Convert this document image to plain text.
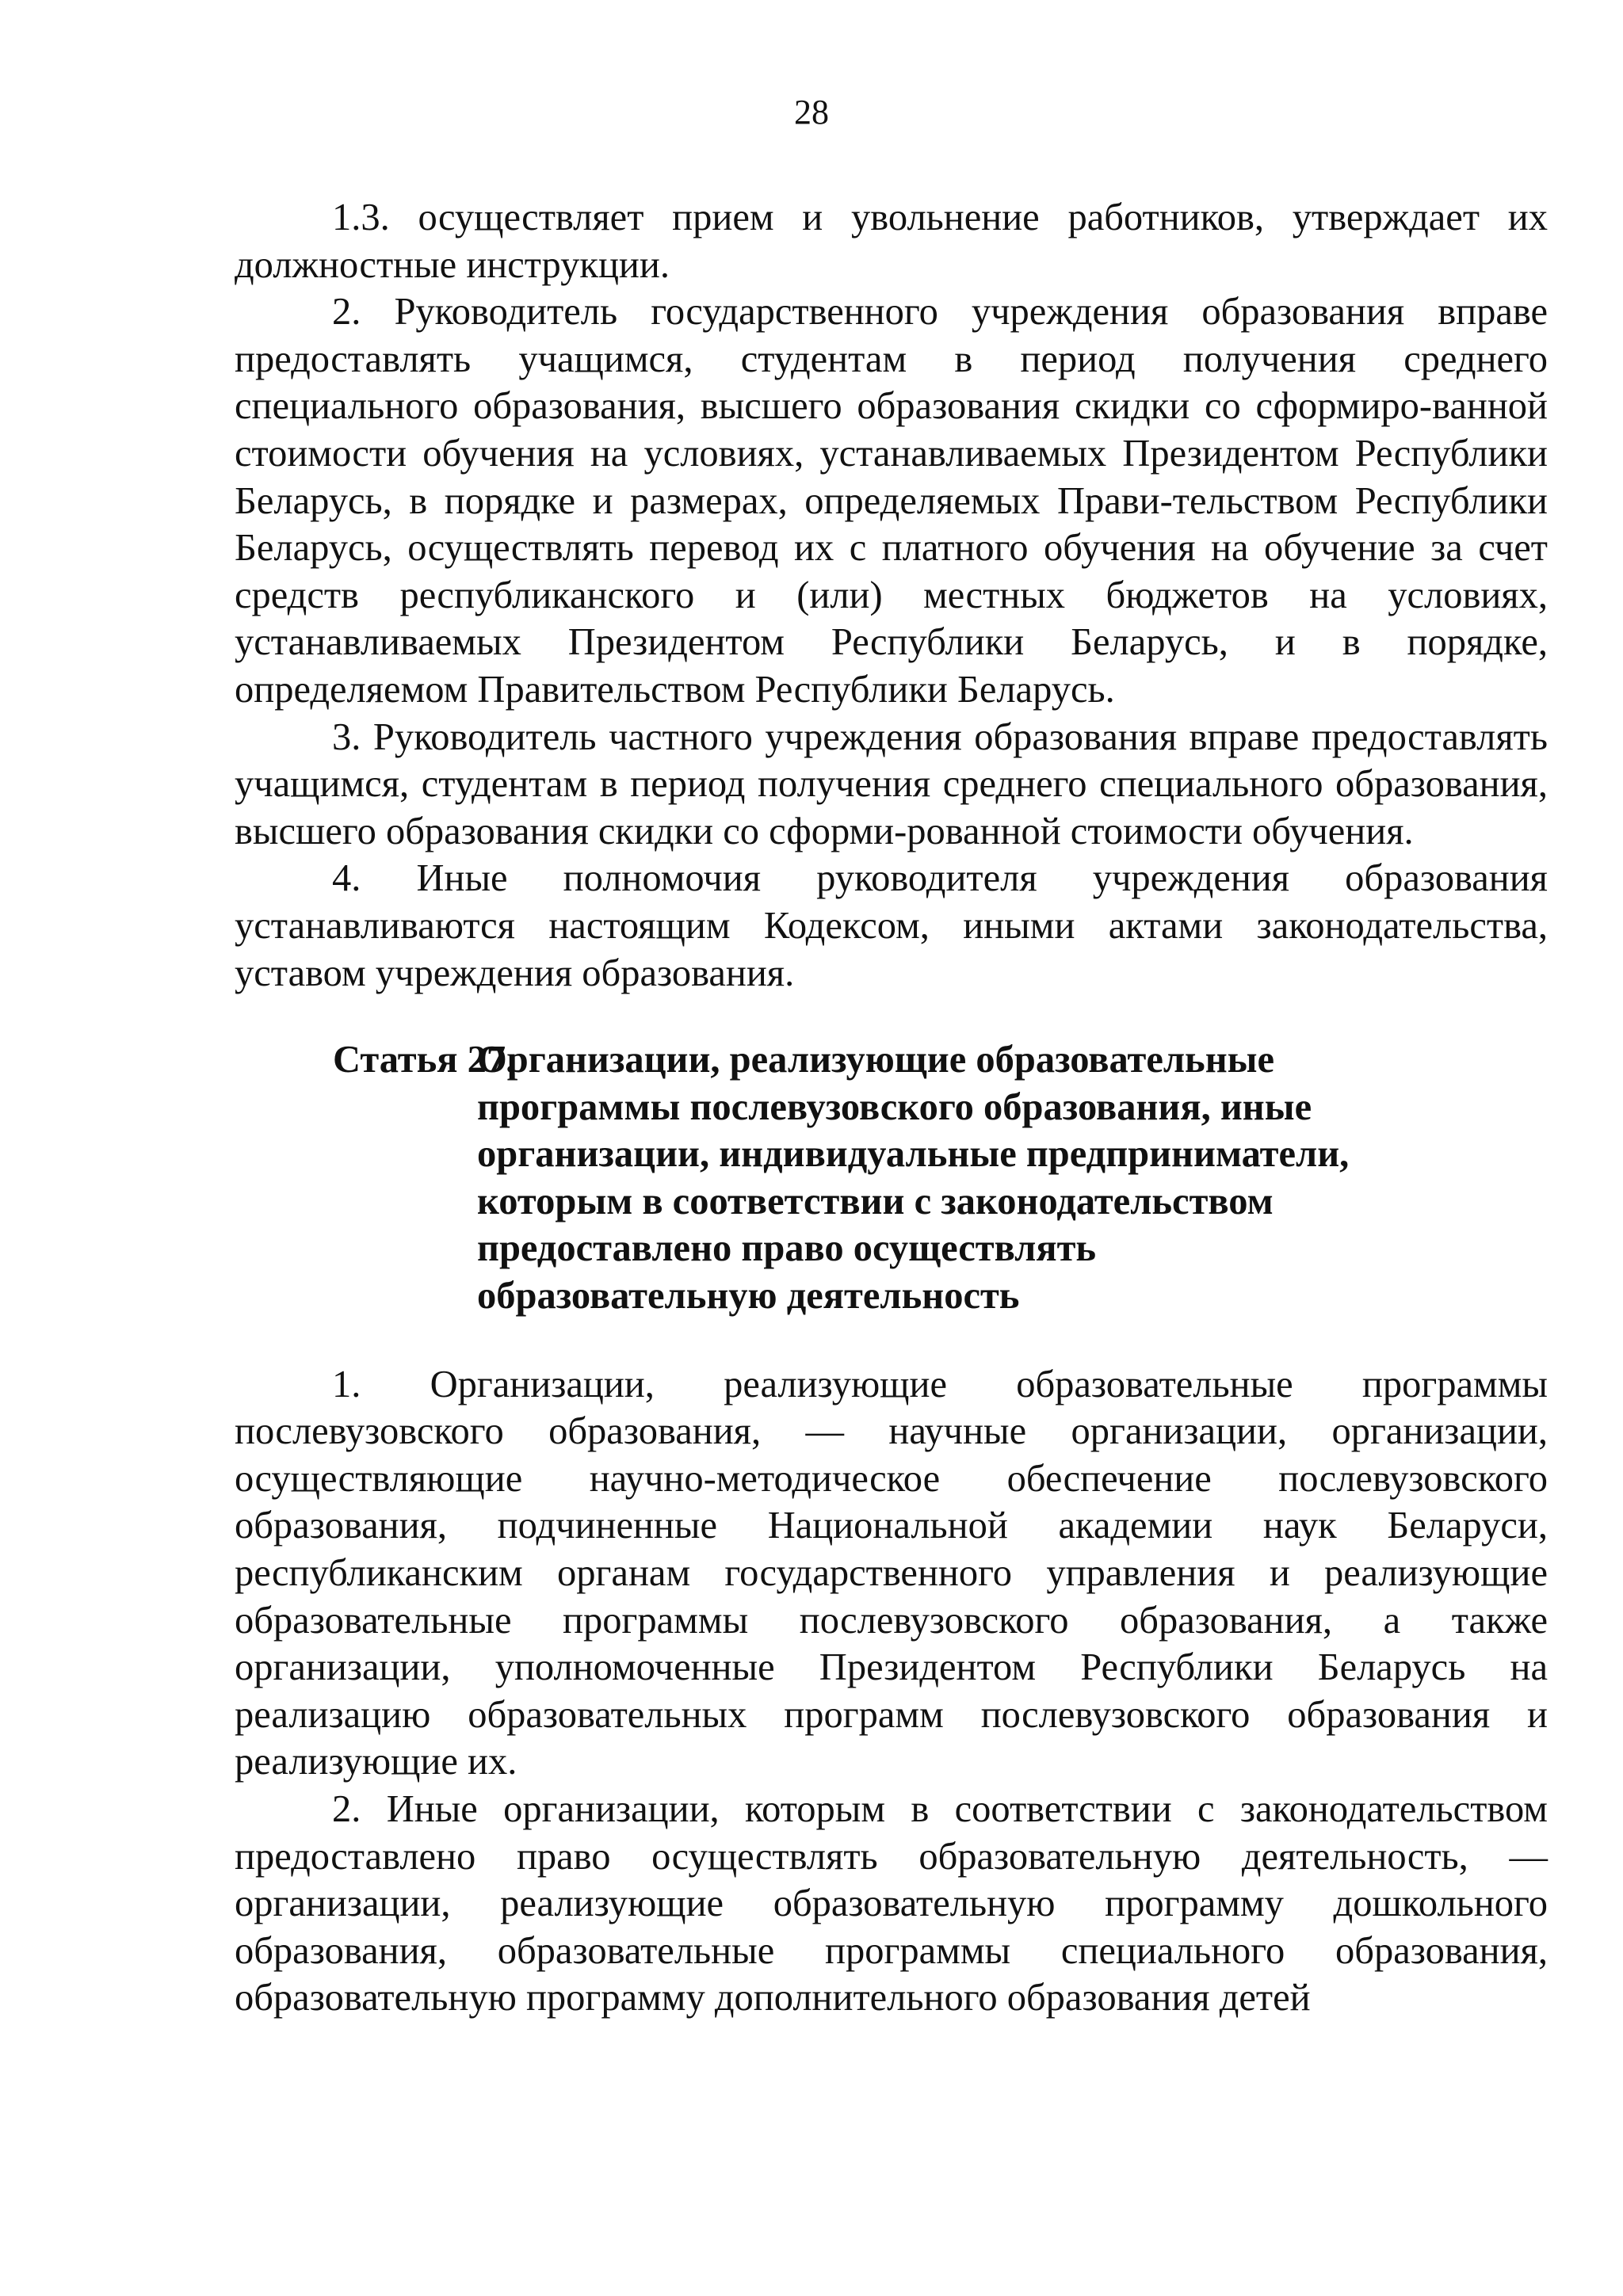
28

1.3. осуществляет прием и увольнение работников, утверждает их должностные инструкции.

2. Руководитель государственного учреждения образования вправе предоставлять учащимся, студентам в период получения среднего специального образования, высшего образования скидки со сформиро-ванной стоимости обучения на условиях, устанавливаемых Президентом Республики Беларусь, в порядке и размерах, определяемых Прави-тельством Республики Беларусь, осуществлять перевод их с платного обучения на обучение за счет средств республиканского и (или) местных бюджетов на условиях, устанавливаемых Президентом Республики Беларусь, и в порядке, определяемом Правительством Республики Беларусь.

3. Руководитель частного учреждения образования вправе предоставлять учащимся, студентам в период получения среднего специального образования, высшего образования скидки со сформи-рованной стоимости обучения.

4. Иные полномочия руководителя учреждения образования устанавливаются настоящим Кодексом, иными актами законодательства, уставом учреждения образования.

Статья 27.
Организации, реализующие образовательные
программы послевузовского образования, иные
организации, индивидуальные предприниматели,
которым в соответствии с законодательством
предоставлено право осуществлять
образовательную деятельность

1. Организации, реализующие образовательные программы послевузовского образования, — научные организации, организации, осуществляющие научно-методическое обеспечение послевузовского образования, подчиненные Национальной академии наук Беларуси, республиканским органам государственного управления и реализующие образовательные программы послевузовского образования, а также организации, уполномоченные Президентом Республики Беларусь на реализацию образовательных программ послевузовского образования и реализующие их.

2. Иные организации, которым в соответствии с законодательством предоставлено право осуществлять образовательную деятельность, — организации, реализующие образовательную программу дошкольного образования, образовательные программы специального образования, образовательную программу дополнительного образования детей
